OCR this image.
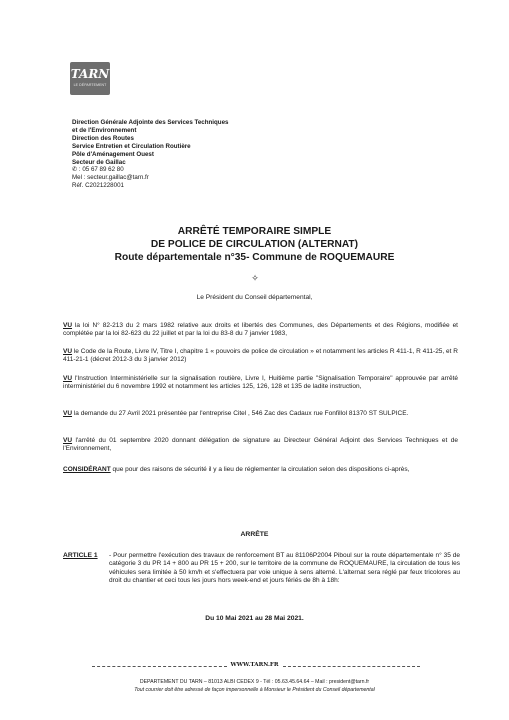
TARN
LE DÉPARTEMENT
Direction Générale Adjointe des Services Techniques
et de l'Environnement
Direction des Routes
Service Entretien et Circulation Routière
Pôle d'Aménagement Ouest
Secteur de Gaillac
✆ : 05 67 89 62 80
Mel : secteur.gaillac@tarn.fr
Réf. C2021228001
ARRÊTÉ TEMPORAIRE SIMPLE
DE POLICE DE CIRCULATION (ALTERNAT)
Route départementale n°35- Commune de ROQUEMAURE
✧
Le Président du Conseil départemental,
VU la loi N° 82-213 du 2 mars 1982 relative aux droits et libertés des Communes, des Départements et des Régions, modifiée et complétée par la loi 82-623 du 22 juillet et par la loi du 83-8 du 7 janvier 1983,
VU le Code de la Route, Livre IV, Titre I, chapitre 1 « pouvoirs de police de circulation » et notamment les articles R 411-1, R 411-25, et R 411-21-1 (décret 2012-3 du 3 janvier 2012)
VU l'Instruction Interministérielle sur la signalisation routière, Livre I, Huitième partie "Signalisation Temporaire" approuvée par arrêté interministériel du 6 novembre 1992 et notamment les articles 125, 126, 128 et 135 de ladite instruction,
VU la demande du 27 Avril 2021 présentée par l'entreprise Citel , 546 Zac des Cadaux rue Fonfillol 81370 ST SULPICE.
VU l'arrêté du 01 septembre 2020 donnant délégation de signature au Directeur Général Adjoint des Services Techniques et de l'Environnement,
CONSIDÉRANT que pour des raisons de sécurité il y a lieu de réglementer la circulation selon des dispositions ci-après,
ARRÊTE
ARTICLE 1 - Pour permettre l'exécution des travaux de renforcement BT au 81106P2004 Piboul sur la route départementale n° 35 de catégorie 3 du PR 14 + 800 au PR 15 + 200, sur le territoire de la commune de ROQUEMAURE, la circulation de tous les véhicules sera limitée à 50 km/h et s'effectuera par voie unique à sens alterné. L'alternat sera réglé par feux tricolores au droit du chantier et ceci tous les jours hors week-end et jours fériés de 8h à 18h:
Du 10 Mai 2021 au 28 Mai 2021.
WWW.TARN.FR
DEPARTEMENT DU TARN – 81013 ALBI CEDEX 9 - Tél : 05.63.45.64.64 – Mail : president@tarn.fr
Tout courrier doit être adressé de façon impersonnelle à Monsieur le Président du Conseil départemental
